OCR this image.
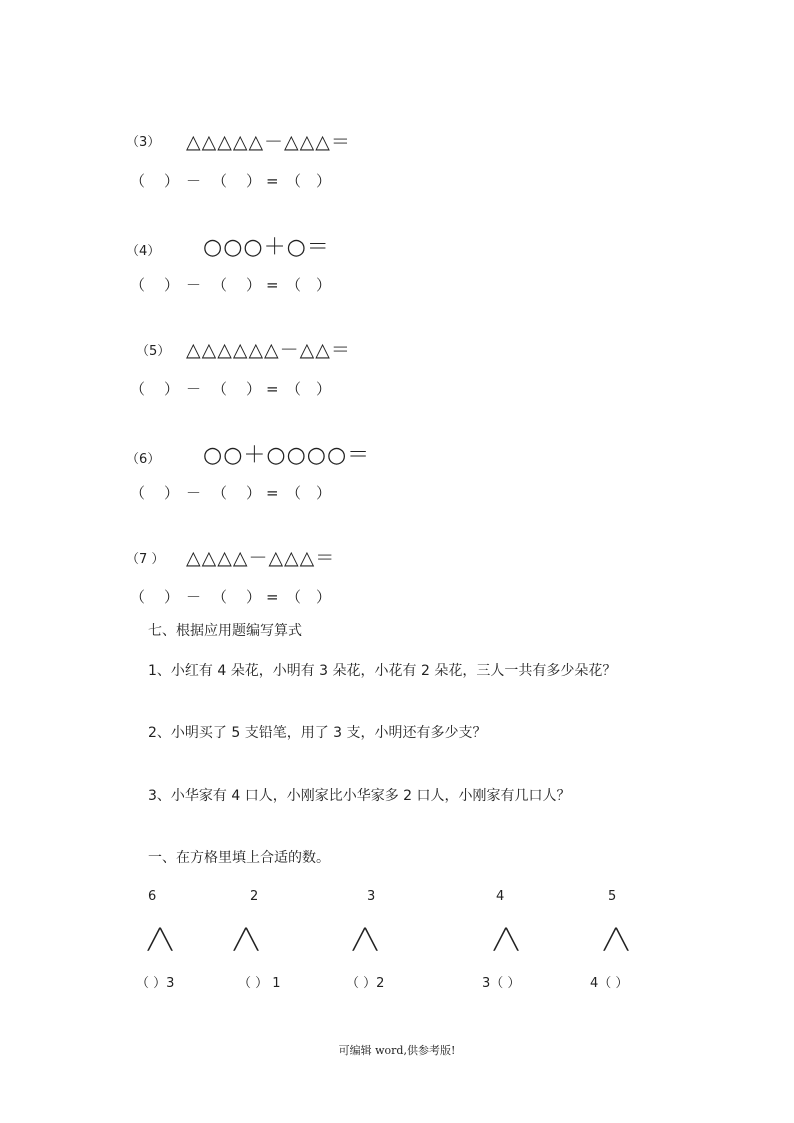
（3） △△△△△－△△△＝
（ ） － （ ） = （ ）
（4） ○○○＋○＝
（ ） － （ ） = （ ）
（5） △△△△△△－△△＝
（ ） － （ ） = （ ）
（6） ○○＋○○○○＝
（ ） － （ ） = （ ）
（7 ） △△△△－△△△＝
（ ） － （ ） = （ ）
七、根据应用题编写算式
1、小红有 4 朵花，小明有 3 朵花，小花有 2 朵花，三人一共有多少朵花？
2、小明买了 5 支铅笔，用了 3 支，小明还有多少支？
3、小华家有 4 口人，小刚家比小华家多 2 口人，小刚家有几口人？
一、在方格里填上合适的数。
6	2	3	4	5
╱╲	╱╲	╱╲	╱╲	╱╲
（ ）3	（ ） 1	（ ）2	3（ ）	4（ ）
可编辑 word,供参考版!
